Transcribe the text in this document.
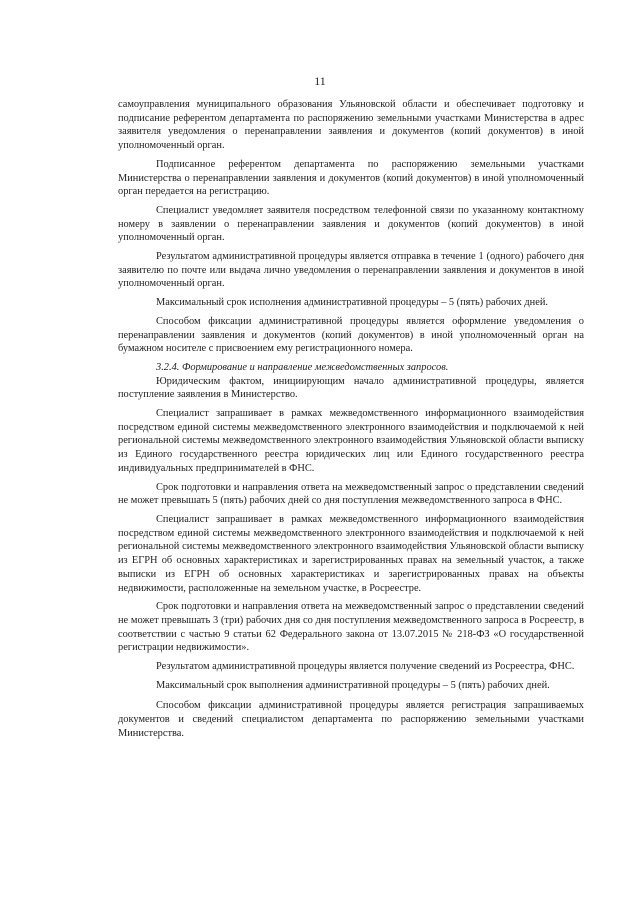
11

самоуправления муниципального образования Ульяновской области и обеспечивает подготовку и подписание референтом департамента по распоряжению земельными участками Министерства в адрес заявителя уведомления о перенаправлении заявления и документов (копий документов) в иной уполномоченный орган.

Подписанное референтом департамента по распоряжению земельными участками Министерства о перенаправлении заявления и документов (копий документов) в иной уполномоченный орган передается на регистрацию.

Специалист уведомляет заявителя посредством телефонной связи по указанному контактному номеру в заявлении о перенаправлении заявления и документов (копий документов) в иной уполномоченный орган.

Результатом административной процедуры является отправка в течение 1 (одного) рабочего дня заявителю по почте или выдача лично уведомления о перенаправлении заявления и документов в иной уполномоченный орган.

Максимальный срок исполнения административной процедуры – 5 (пять) рабочих дней.

Способом фиксации административной процедуры является оформление уведомления о перенаправлении заявления и документов (копий документов) в иной уполномоченный орган на бумажном носителе с присвоением ему регистрационного номера.

3.2.4. Формирование и направление межведомственных запросов.

Юридическим фактом, инициирующим начало административной процедуры, является поступление заявления в Министерство.

Специалист запрашивает в рамках межведомственного информационного взаимодействия посредством единой системы межведомственного электронного взаимодействия и подключаемой к ней региональной системы межведомственного электронного взаимодействия Ульяновской области выписку из Единого государственного реестра юридических лиц или Единого государственного реестра индивидуальных предпринимателей в ФНС.

Срок подготовки и направления ответа на межведомственный запрос о представлении сведений не может превышать 5 (пять) рабочих дней со дня поступления межведомственного запроса в ФНС.

Специалист запрашивает в рамках межведомственного информационного взаимодействия посредством единой системы межведомственного электронного взаимодействия и подключаемой к ней региональной системы межведомственного электронного взаимодействия Ульяновской области выписку из ЕГРН об основных характеристиках и зарегистрированных правах на земельный участок, а также выписки из ЕГРН об основных характеристиках и зарегистрированных правах на объекты недвижимости, расположенные на земельном участке, в Росреестре.

Срок подготовки и направления ответа на межведомственный запрос о представлении сведений не может превышать 3 (три) рабочих дня со дня поступления межведомственного запроса в Росреестр, в соответствии с частью 9 статьи 62 Федерального закона от 13.07.2015 № 218-ФЗ «О государственной регистрации недвижимости».

Результатом административной процедуры является получение сведений из Росреестра, ФНС.

Максимальный срок выполнения административной процедуры – 5 (пять) рабочих дней.

Способом фиксации административной процедуры является регистрация запрашиваемых документов и сведений специалистом департамента по распоряжению земельными участками Министерства.
